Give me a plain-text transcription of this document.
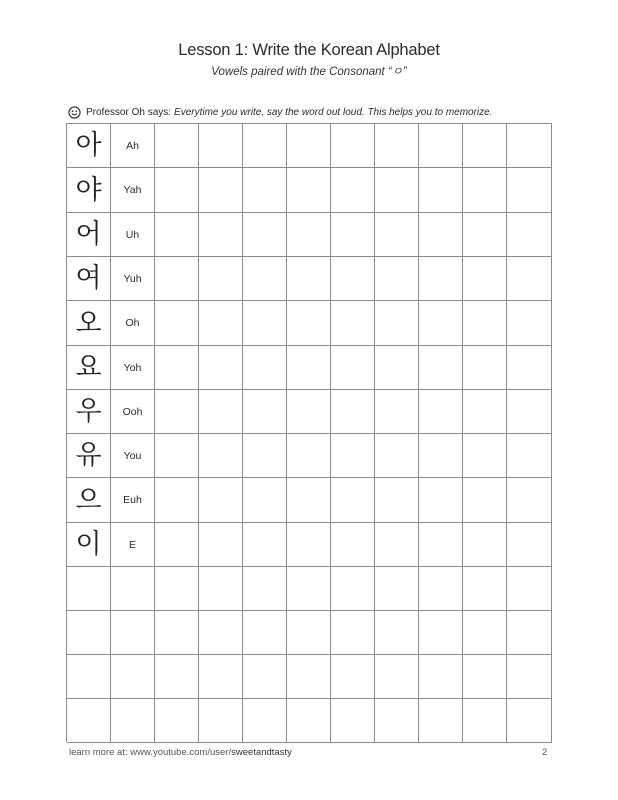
Lesson 1: Write the Korean Alphabet
Vowels paired with the Consonant “ㅇ”
Professor Oh says: Everytime you write, say the word out loud. This helps you to memorize.
아 Ah
야 Yah
어 Uh
여 Yuh
오 Oh
요 Yoh
우 Ooh
유 You
으 Euh
이	E
learn more at: www.youtube.com/user/sweetandtasty	2
